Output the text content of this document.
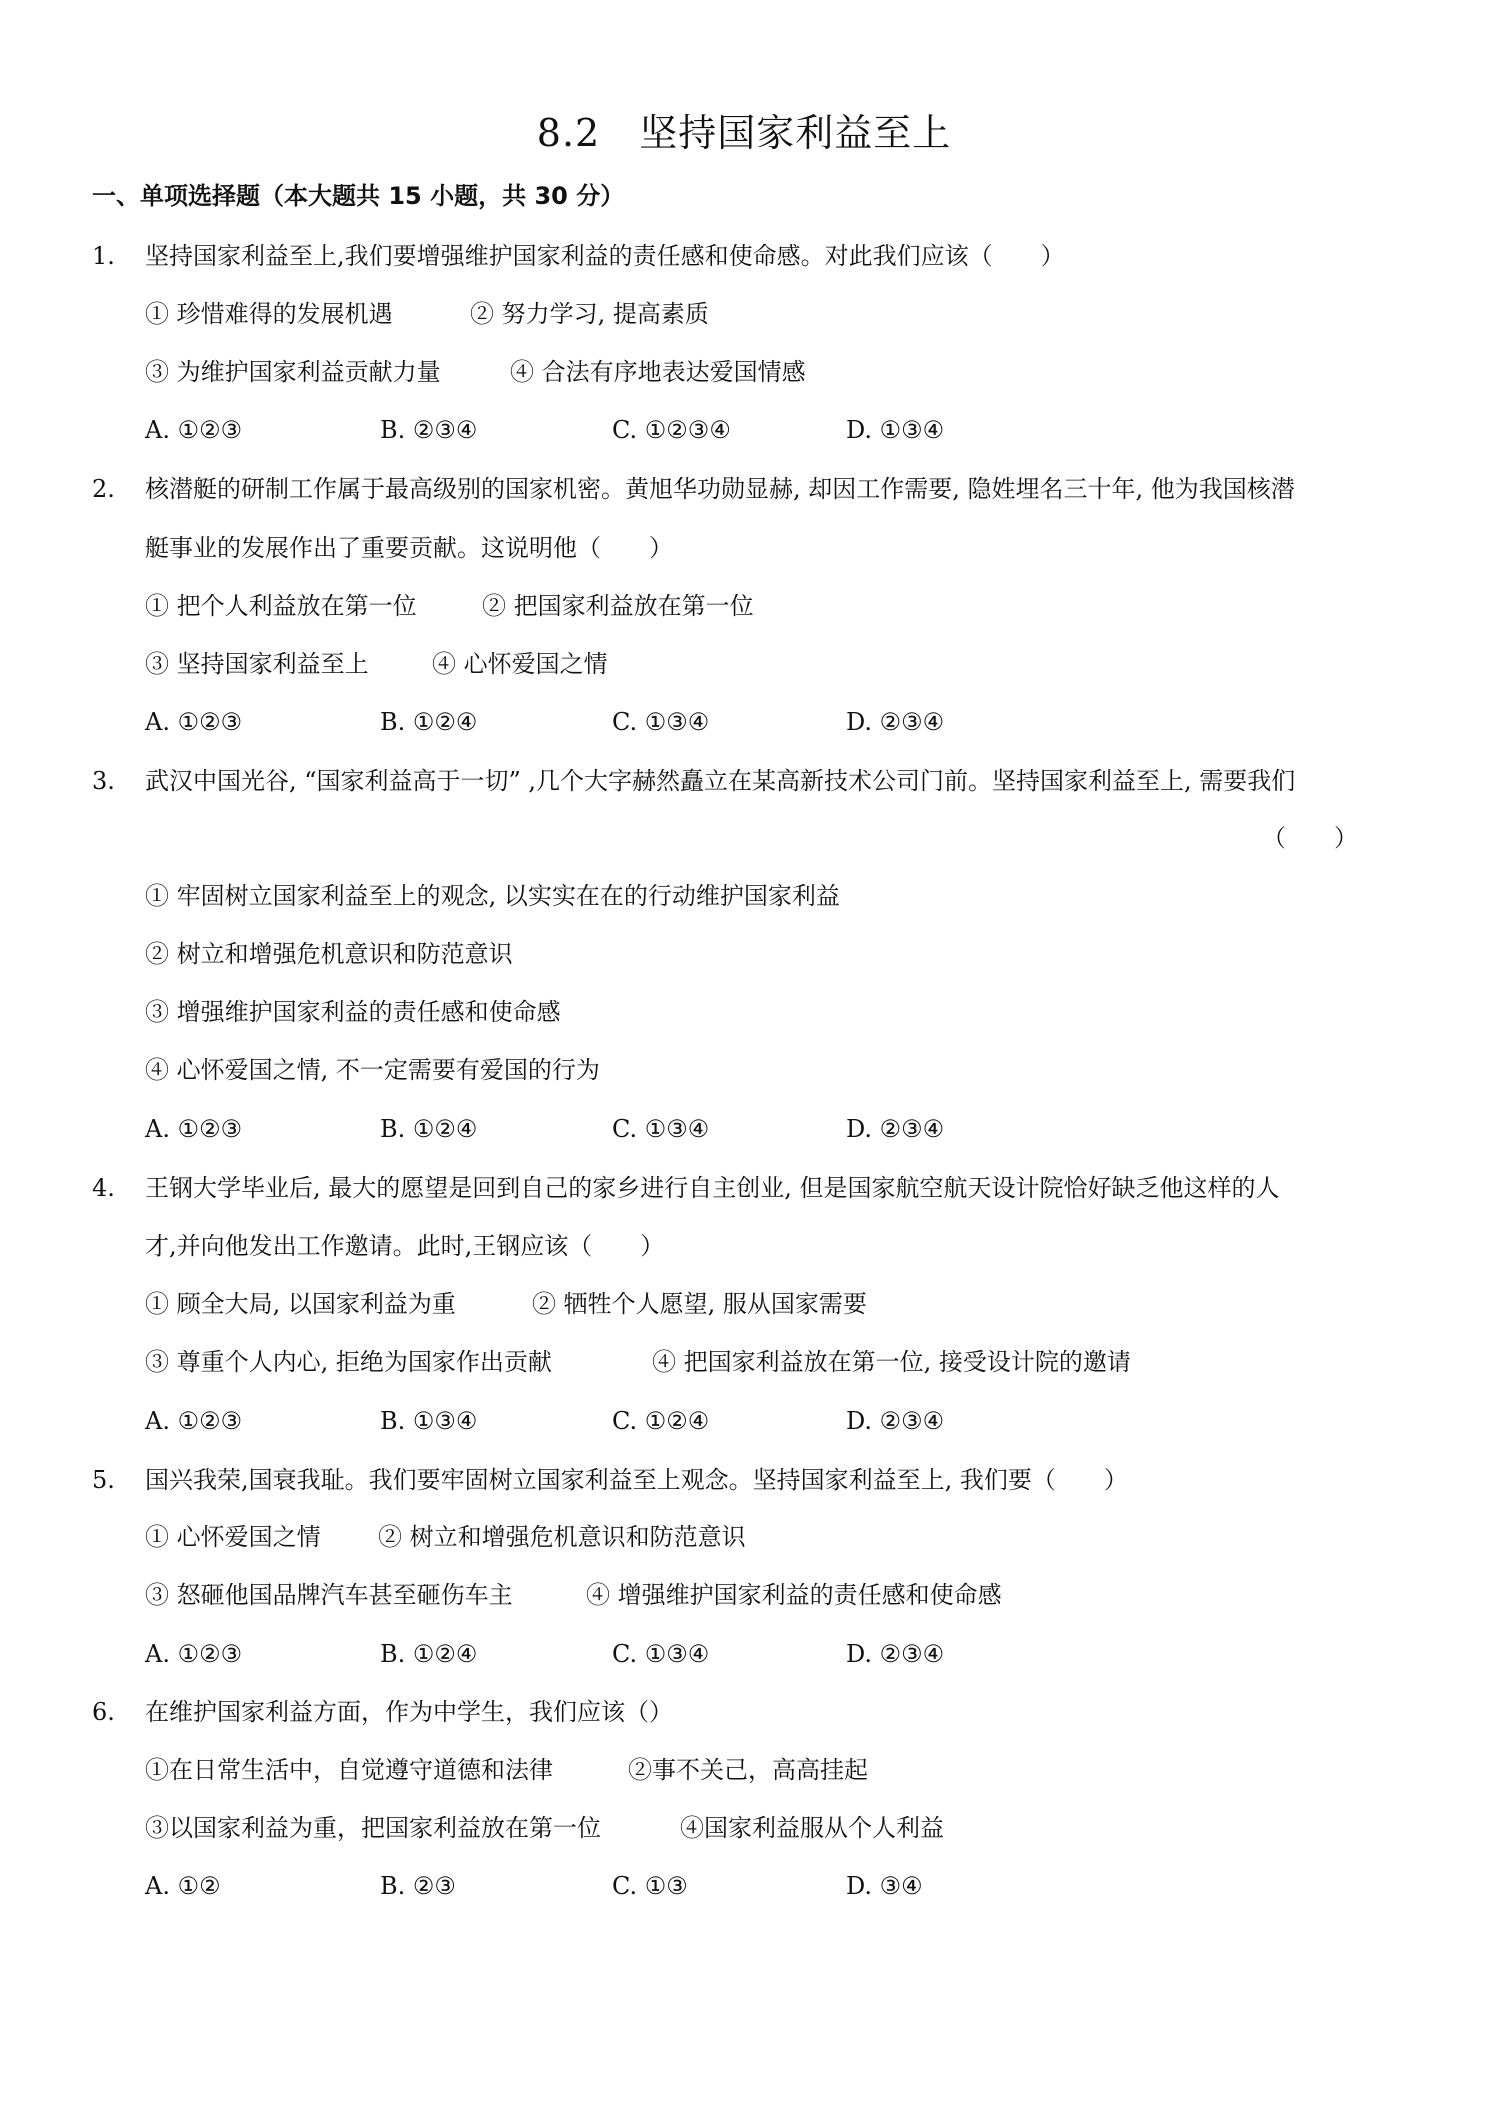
8.2　坚持国家利益至上
一、单项选择题（本大题共 15 小题，共 30 分）
1. 坚持国家利益至上,我们要增强维护国家利益的责任感和使命感。对此我们应该（　　）
① 珍惜难得的发展机遇	② 努力学习, 提高素质
③ 为维护国家利益贡献力量	④ 合法有序地表达爱国情感
A. ①②③	B. ②③④	C. ①②③④	D. ①③④
2. 核潜艇的研制工作属于最高级别的国家机密。黄旭华功勋显赫, 却因工作需要, 隐姓埋名三十年, 他为我国核潜
艇事业的发展作出了重要贡献。这说明他（　　）
① 把个人利益放在第一位	② 把国家利益放在第一位
③ 坚持国家利益至上	④ 心怀爱国之情
A. ①②③	B. ①②④	C. ①③④	D. ②③④
3. 武汉中国光谷, “国家利益高于一切” ,几个大字赫然矗立在某高新技术公司门前。坚持国家利益至上, 需要我们
（　　）
① 牢固树立国家利益至上的观念, 以实实在在的行动维护国家利益
② 树立和增强危机意识和防范意识
③ 增强维护国家利益的责任感和使命感
④ 心怀爱国之情, 不一定需要有爱国的行为
A. ①②③	B. ①②④	C. ①③④	D. ②③④
4. 王钢大学毕业后, 最大的愿望是回到自己的家乡进行自主创业, 但是国家航空航天设计院恰好缺乏他这样的人
才,并向他发出工作邀请。此时,王钢应该（　　）
① 顾全大局, 以国家利益为重	② 牺牲个人愿望, 服从国家需要
③ 尊重个人内心, 拒绝为国家作出贡献	④ 把国家利益放在第一位, 接受设计院的邀请
A. ①②③	B. ①③④	C. ①②④	D. ②③④
5. 国兴我荣,国衰我耻。我们要牢固树立国家利益至上观念。坚持国家利益至上, 我们要（　　）
① 心怀爱国之情 ② 树立和增强危机意识和防范意识
③ 怒砸他国品牌汽车甚至砸伤车主	④ 增强维护国家利益的责任感和使命感
A. ①②③	B. ①②④	C. ①③④	D. ②③④
6. 在维护国家利益方面，作为中学生，我们应该（）
①在日常生活中，自觉遵守道德和法律	②事不关己，高高挂起
③以国家利益为重，把国家利益放在第一位	④国家利益服从个人利益
A. ①②	B. ②③	C. ①③	D. ③④
